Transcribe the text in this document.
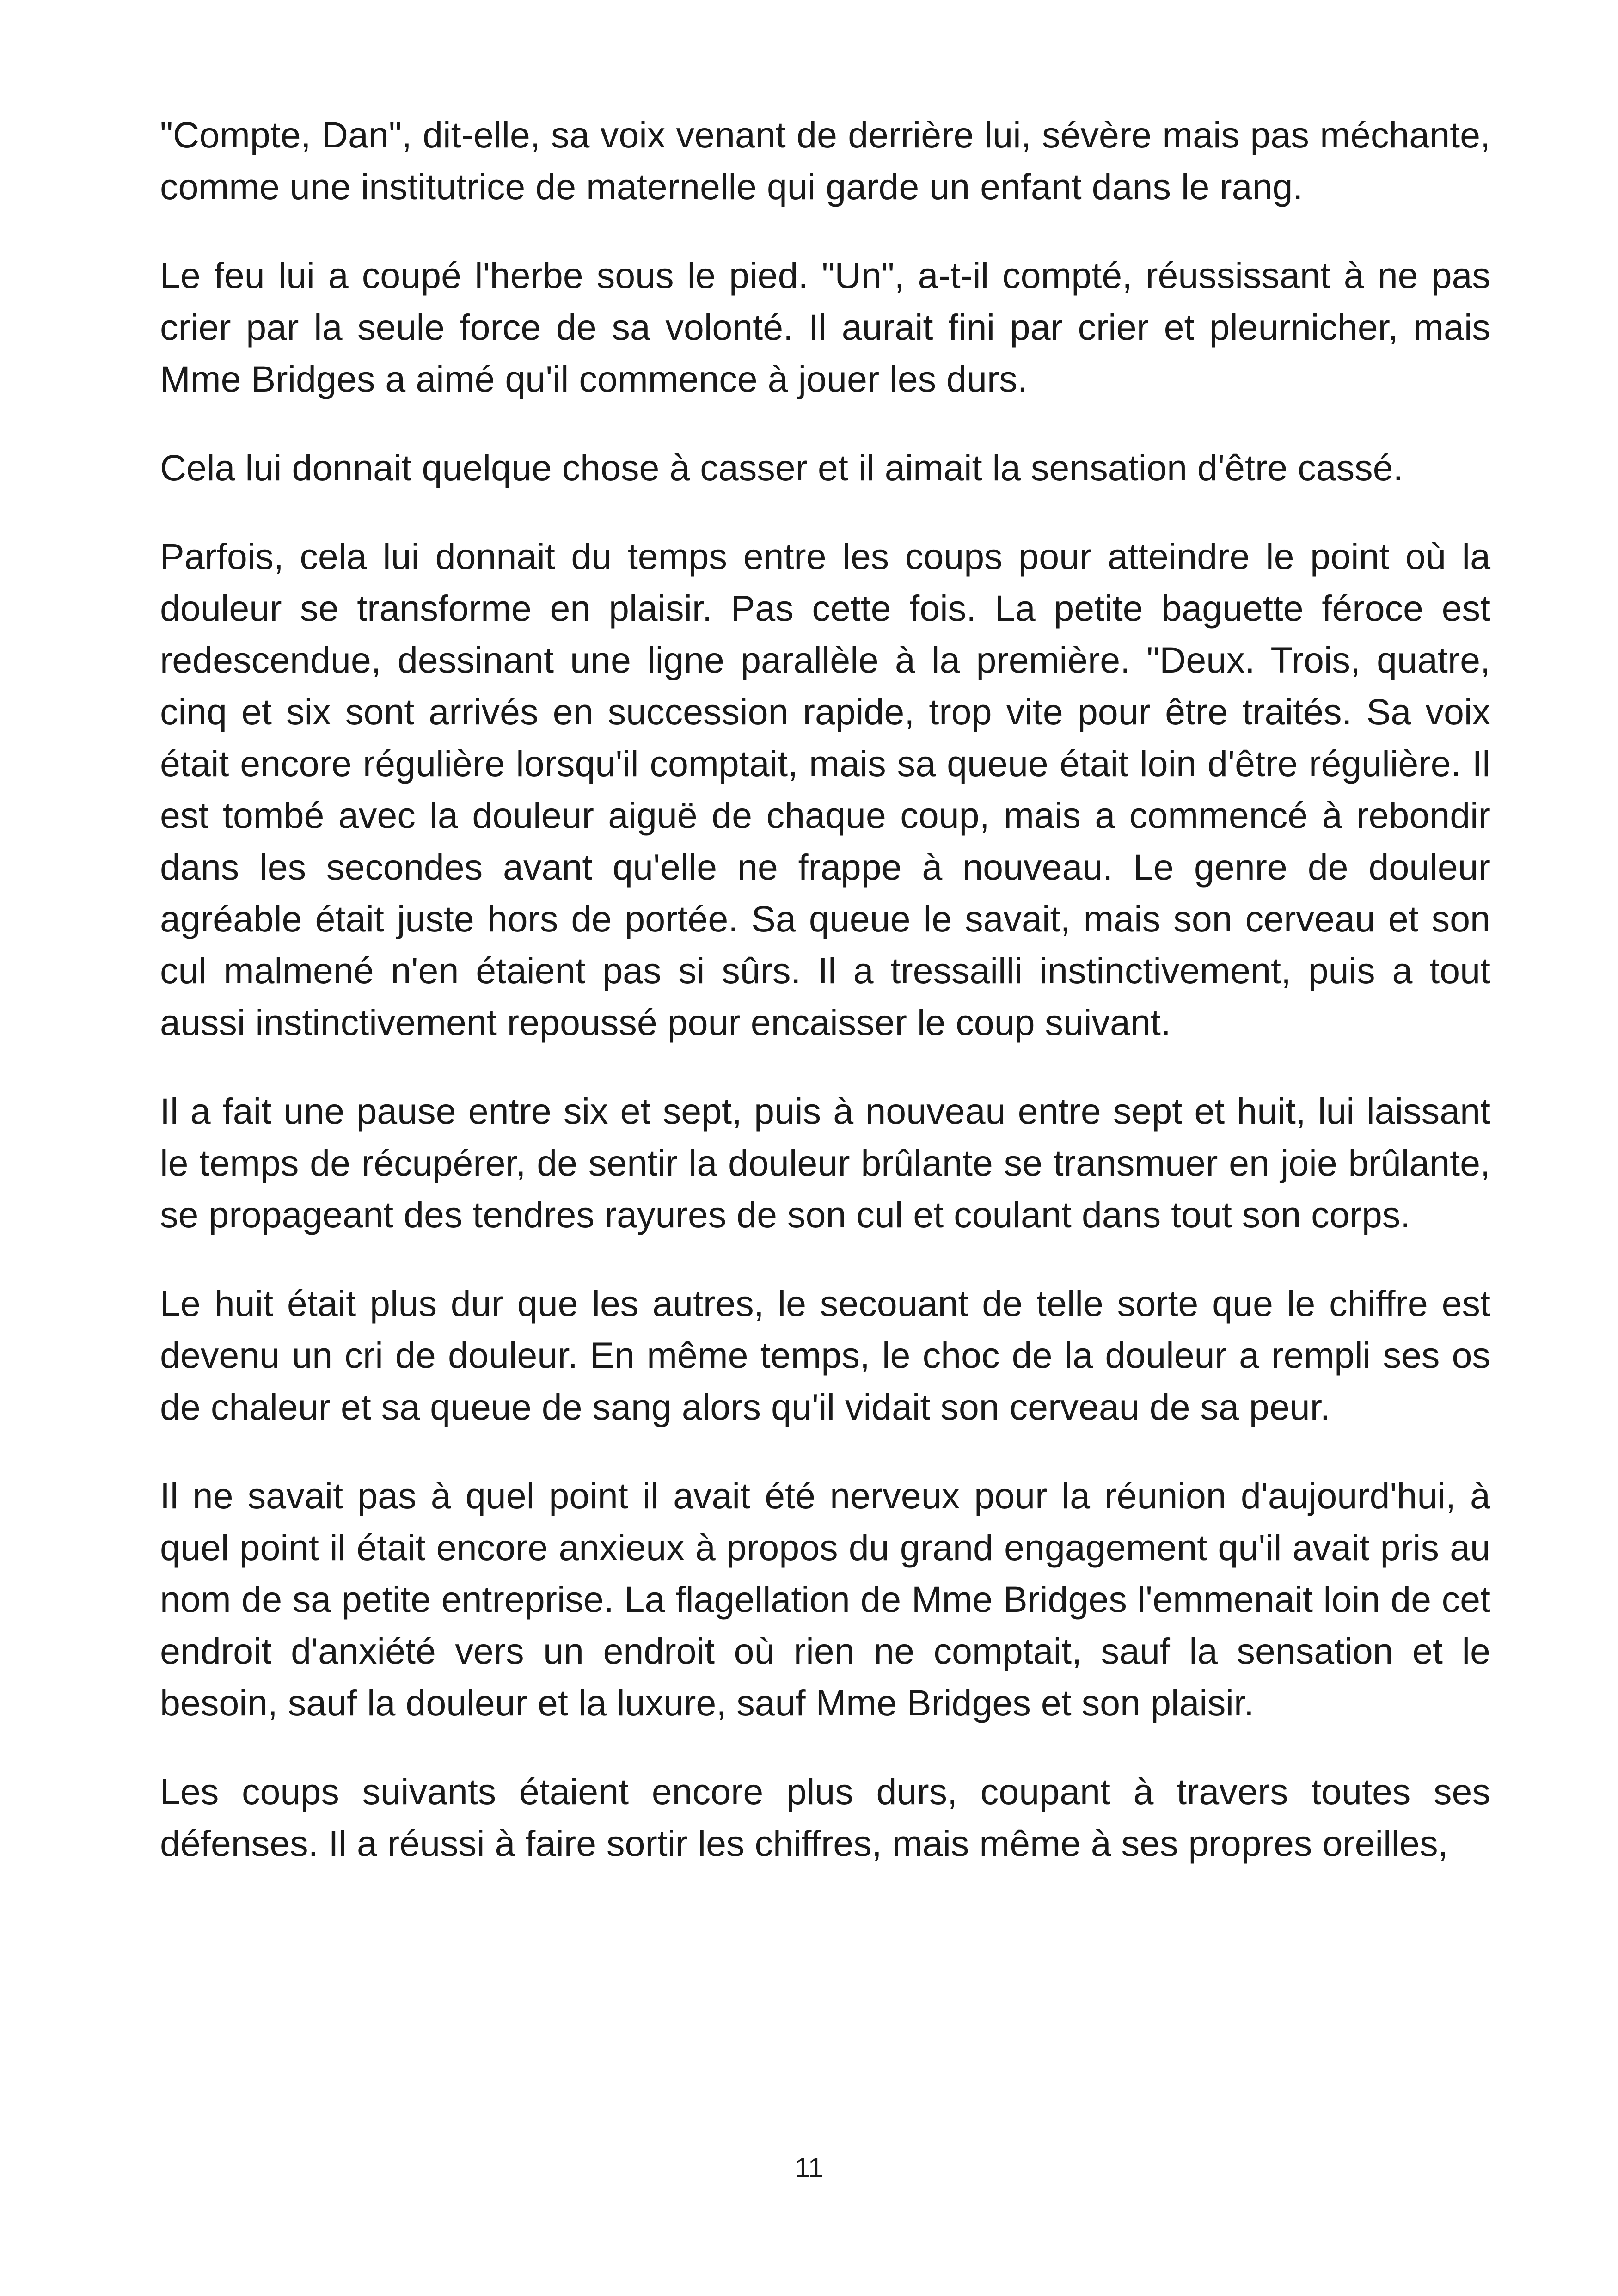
"Compte, Dan", dit-elle, sa voix venant de derrière lui, sévère mais pas méchante, comme une institutrice de maternelle qui garde un enfant dans le rang.

Le feu lui a coupé l'herbe sous le pied. "Un", a-t-il compté, réussissant à ne pas crier par la seule force de sa volonté. Il aurait fini par crier et pleurnicher, mais Mme Bridges a aimé qu'il commence à jouer les durs.

Cela lui donnait quelque chose à casser et il aimait la sensation d'être cassé.

Parfois, cela lui donnait du temps entre les coups pour atteindre le point où la douleur se transforme en plaisir. Pas cette fois. La petite baguette féroce est redescendue, dessinant une ligne parallèle à la première. "Deux. Trois, quatre, cinq et six sont arrivés en succession rapide, trop vite pour être traités. Sa voix était encore régulière lorsqu'il comptait, mais sa queue était loin d'être régulière. Il est tombé avec la douleur aiguë de chaque coup, mais a commencé à rebondir dans les secondes avant qu'elle ne frappe à nouveau. Le genre de douleur agréable était juste hors de portée. Sa queue le savait, mais son cerveau et son cul malmené n'en étaient pas si sûrs. Il a tressailli instinctivement, puis a tout aussi instinctivement repoussé pour encaisser le coup suivant.

Il a fait une pause entre six et sept, puis à nouveau entre sept et huit, lui laissant le temps de récupérer, de sentir la douleur brûlante se transmuer en joie brûlante, se propageant des tendres rayures de son cul et coulant dans tout son corps.

Le huit était plus dur que les autres, le secouant de telle sorte que le chiffre est devenu un cri de douleur. En même temps, le choc de la douleur a rempli ses os de chaleur et sa queue de sang alors qu'il vidait son cerveau de sa peur.

Il ne savait pas à quel point il avait été nerveux pour la réunion d'aujourd'hui, à quel point il était encore anxieux à propos du grand engagement qu'il avait pris au nom de sa petite entreprise. La flagellation de Mme Bridges l'emmenait loin de cet endroit d'anxiété vers un endroit où rien ne comptait, sauf la sensation et le besoin, sauf la douleur et la luxure, sauf Mme Bridges et son plaisir.

Les coups suivants étaient encore plus durs, coupant à travers toutes ses défenses. Il a réussi à faire sortir les chiffres, mais même à ses propres oreilles,

11
